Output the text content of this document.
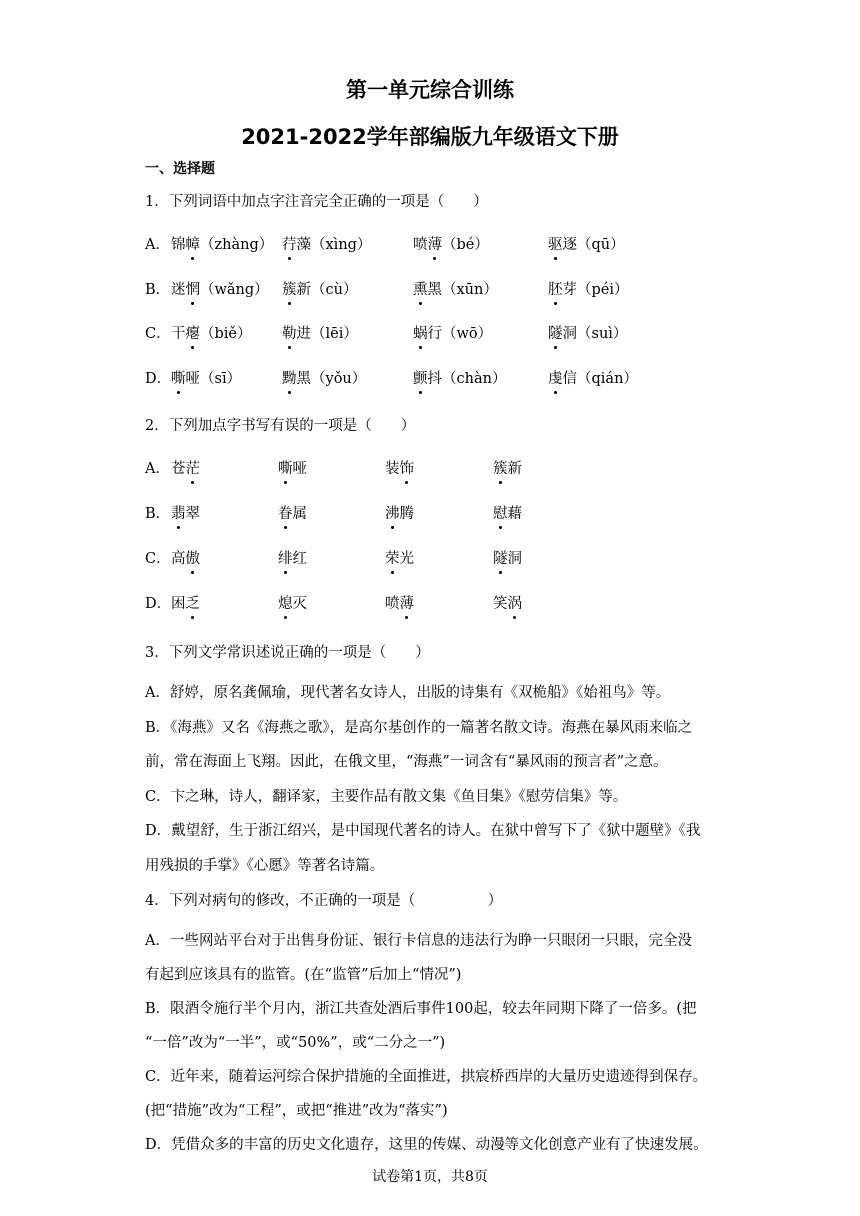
第一单元综合训练
2021-2022学年部编版九年级语文下册
一、选择题
1．下列词语中加点字注音完全正确的一项是（　　）
A． 锦幛（zhàng） 荇藻（xìng）	喷薄（bé）	驱逐（qū）
B． 迷惘（wǎng） 簇新（cù）	熏黑（xūn）	胚芽（péi）
C． 干瘪（biě） 勒进（lēi）	蜗行（wō）	隧洞（suì）
D． 嘶哑（sī）	黝黑（yǒu）	颤抖（chàn）	虔信（qián）
2．下列加点字书写有误的一项是（　　）
A． 苍茫	嘶哑	装饰	簇新
B． 翡翠	眷属	沸腾	慰藉
C． 高傲	绯红	荣光	隧洞
D． 困乏	熄灭	喷薄	笑涡
3．下列文学常识述说正确的一项是（　　）
A．舒婷，原名龚佩瑜，现代著名女诗人，出版的诗集有《双桅船》《始祖鸟》等。
B．《海燕》又名《海燕之歌》，是高尔基创作的一篇著名散文诗。海燕在暴风雨来临之
前，常在海面上飞翔。因此，在俄文里，“海燕”一词含有“暴风雨的预言者”之意。
C．卞之琳，诗人，翻译家，主要作品有散文集《鱼目集》《慰劳信集》等。
D．戴望舒，生于浙江绍兴，是中国现代著名的诗人。在狱中曾写下了《狱中题壁》《我
用残损的手掌》《心愿》等著名诗篇。
4．下列对病句的修改，不正确的一项是（　　　　　）
A．一些网站平台对于出售身份证、银行卡信息的违法行为睁一只眼闭一只眼，完全没
有起到应该具有的监管。(在“监管”后加上“情况”)
B．限酒令施行半个月内，浙江共查处酒后事件100起，较去年同期下降了一倍多。(把
“一倍”改为“一半”，或“50%”，或“二分之一”)
C．近年来，随着运河综合保护措施的全面推进，拱宸桥西岸的大量历史遗迹得到保存。
(把“措施”改为“工程”，或把“推进”改为“落实”)
D．凭借众多的丰富的历史文化遗存，这里的传媒、动漫等文化创意产业有了快速发展。
试卷第1页，共8页
